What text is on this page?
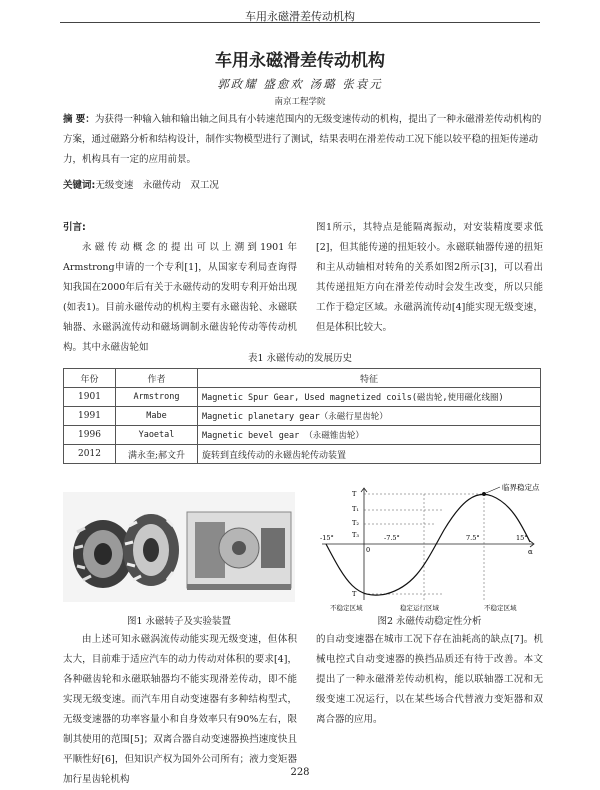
车用永磁滑差传动机构
车用永磁滑差传动机构
郭政耀 盛愈欢 汤璐 张袁元
南京工程学院
摘 要：为获得一种输入轴和输出轴之间具有小转速范围内的无级变速传动的机构，提出了一种永磁滑差传动机构的方案，通过磁路分析和结构设计，制作实物模型进行了测试，结果表明在滑差传动工况下能以较平稳的扭矩传递动力，机构具有一定的应用前景。
关键词:无级变速　永磁传动　双工况
引言:
永磁传动概念的提出可以上溯到1901年Armstrong申请的一个专利[1]，从国家专利局查询得知我国在2000年后有关于永磁传动的发明专利开始出现(如表1)。目前永磁传动的机构主要有永磁齿轮、永磁联轴器、永磁涡流传动和磁场调制永磁齿轮传动等传动机构。其中永磁齿轮如
图1所示，其特点是能隔离振动，对安装精度要求低[2]，但其能传递的扭矩较小。永磁联轴器传递的扭矩和主从动轴相对转角的关系如图2所示[3]，可以看出其传递扭矩方向在滑差传动时会发生改变，所以只能工作于稳定区域。永磁涡流传动[4]能实现无级变速，但是体积比较大。
表1 永磁传动的发展历史
年份	作者	特征
1901	Armstrong	Magnetic Spur Gear, Used magnetized coils(磁齿轮,使用磁化线圈)
1991	Mabe	Magnetic planetary gear（永磁行星齿轮）
1996	Yaoetal	Magnetic bevel gear （永磁锥齿轮）
2012	满永奎;郝文升	旋转到直线传动的永磁齿轮传动装置
临界稳定点
T
T₁
T₂
T₃
T
-15°	-7.5°
0
7.5°	15°
α
不稳定区域	稳定运行区域	不稳定区域
图1 永磁转子及实验装置	图2 永磁传动稳定性分析
由上述可知永磁涡流传动能实现无级变速，但体积太大，目前难于适应汽车的动力传动对体积的要求[4]，各种磁齿轮和永磁联轴器均不能实现滑差传动，即不能实现无级变速。而汽车用自动变速器有多种结构型式，无级变速器的功率容量小和自身效率只有90%左右，限制其使用的范围[5]；双离合器自动变速器换挡速度快且平顺性好[6]，但知识产权为国外公司所有；液力变矩器加行星齿轮机构
的自动变速器在城市工况下存在油耗高的缺点[7]。机械电控式自动变速器的换挡品质还有待于改善。本文提出了一种永磁滑差传动机构，能以联轴器工况和无级变速工况运行，以在某些场合代替液力变矩器和双离合器的应用。
228
